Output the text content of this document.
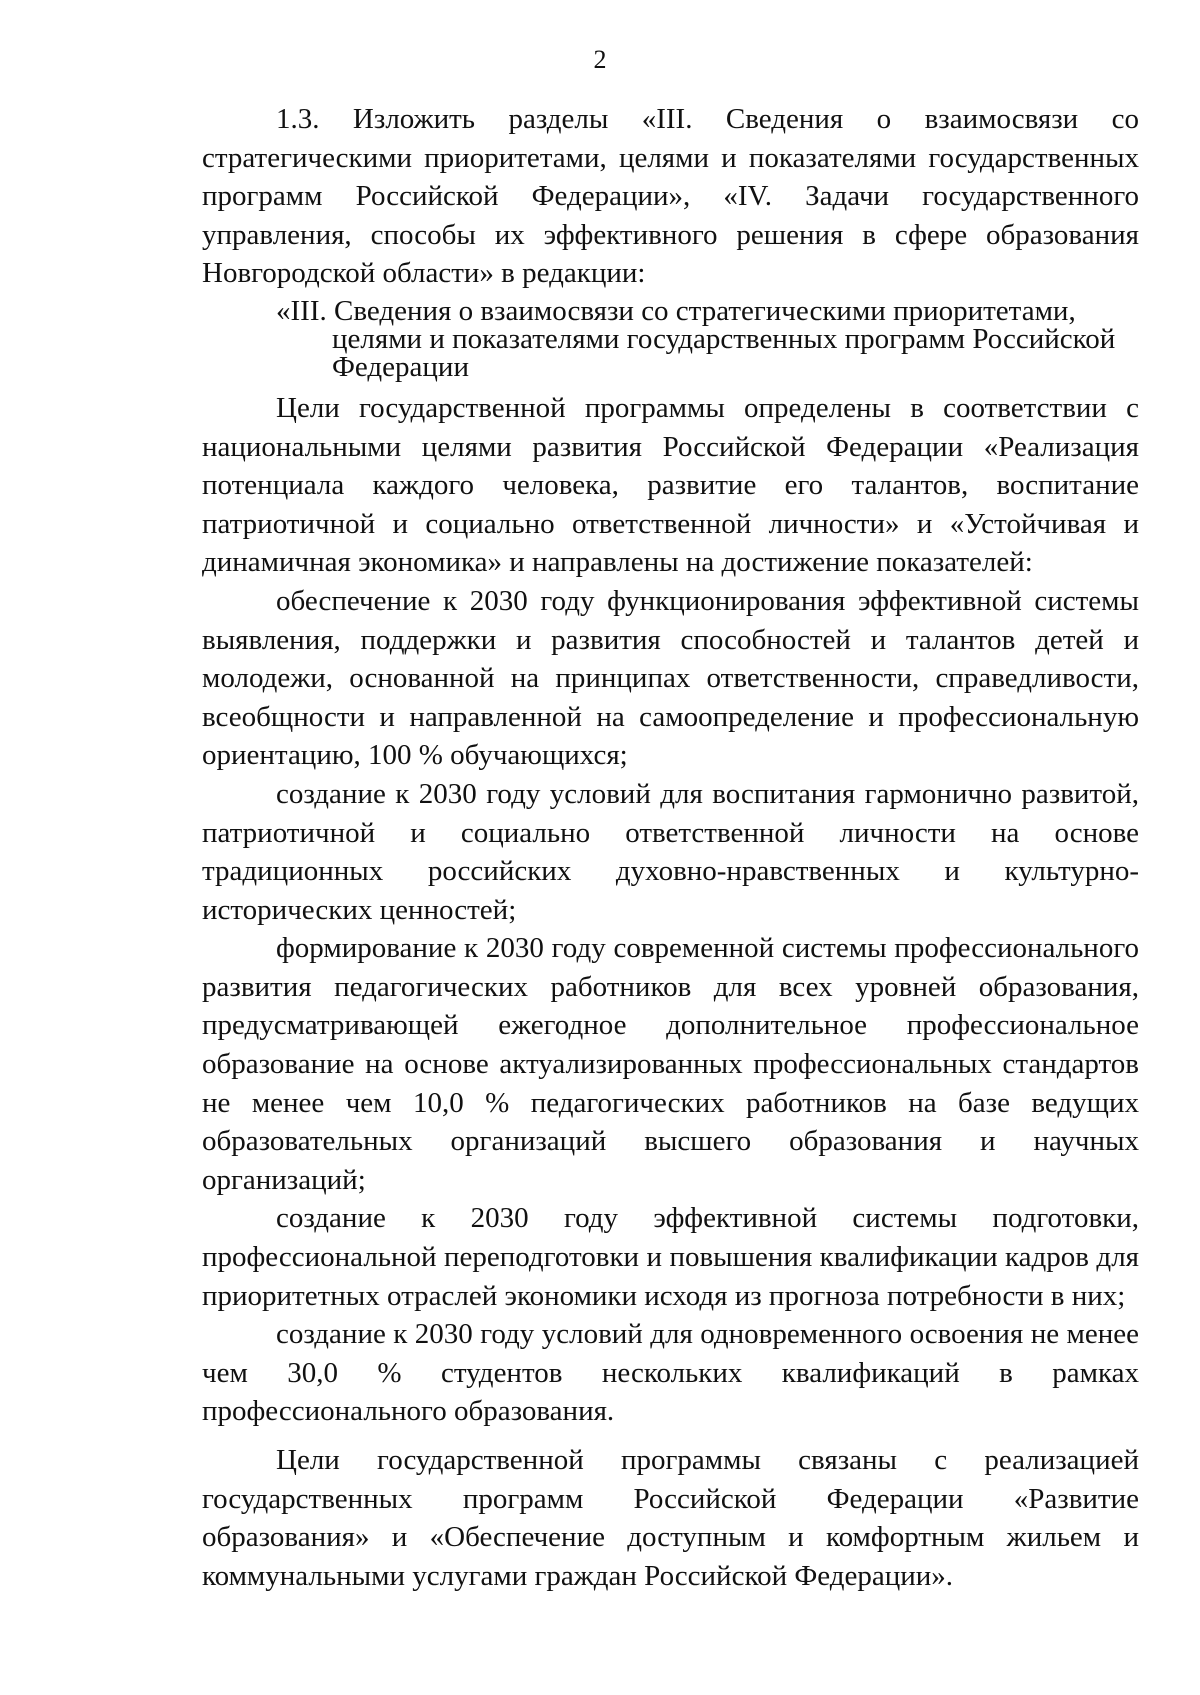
2

1.3. Изложить разделы «III. Сведения о взаимосвязи со стратегическими приоритетами, целями и показателями государственных программ Российской Федерации», «IV. Задачи государственного управления, способы их эффективного решения в сфере образования Новгородской области» в редакции:

«III. Сведения о взаимосвязи со стратегическими приоритетами,
целями и показателями государственных программ Российской
Федерации

Цели государственной программы определены в соответствии с национальными целями развития Российской Федерации «Реализация потенциала каждого человека, развитие его талантов, воспитание патриотичной и социально ответственной личности» и «Устойчивая и динамичная экономика» и направлены на достижение показателей:

обеспечение к 2030 году функционирования эффективной системы выявления, поддержки и развития способностей и талантов детей и молодежи, основанной на принципах ответственности, справедливости, всеобщности и направленной на самоопределение и профессиональную ориентацию, 100 % обучающихся;

создание к 2030 году условий для воспитания гармонично развитой, патриотичной и социально ответственной личности на основе традиционных российских духовно-нравственных и культурно-исторических ценностей;

формирование к 2030 году современной системы профессионального развития педагогических работников для всех уровней образования, предусматривающей ежегодное дополнительное профессиональное образование на основе актуализированных профессиональных стандартов не менее чем 10,0 % педагогических работников на базе ведущих образовательных организаций высшего образования и научных организаций;

создание к 2030 году эффективной системы подготовки, профессиональной переподготовки и повышения квалификации кадров для приоритетных отраслей экономики исходя из прогноза потребности в них;

создание к 2030 году условий для одновременного освоения не менее чем 30,0 % студентов нескольких квалификаций в рамках профессионального образования.

Цели государственной программы связаны с реализацией государственных программ Российской Федерации «Развитие образования» и «Обеспечение доступным и комфортным жильем и коммунальными услугами граждан Российской Федерации».
